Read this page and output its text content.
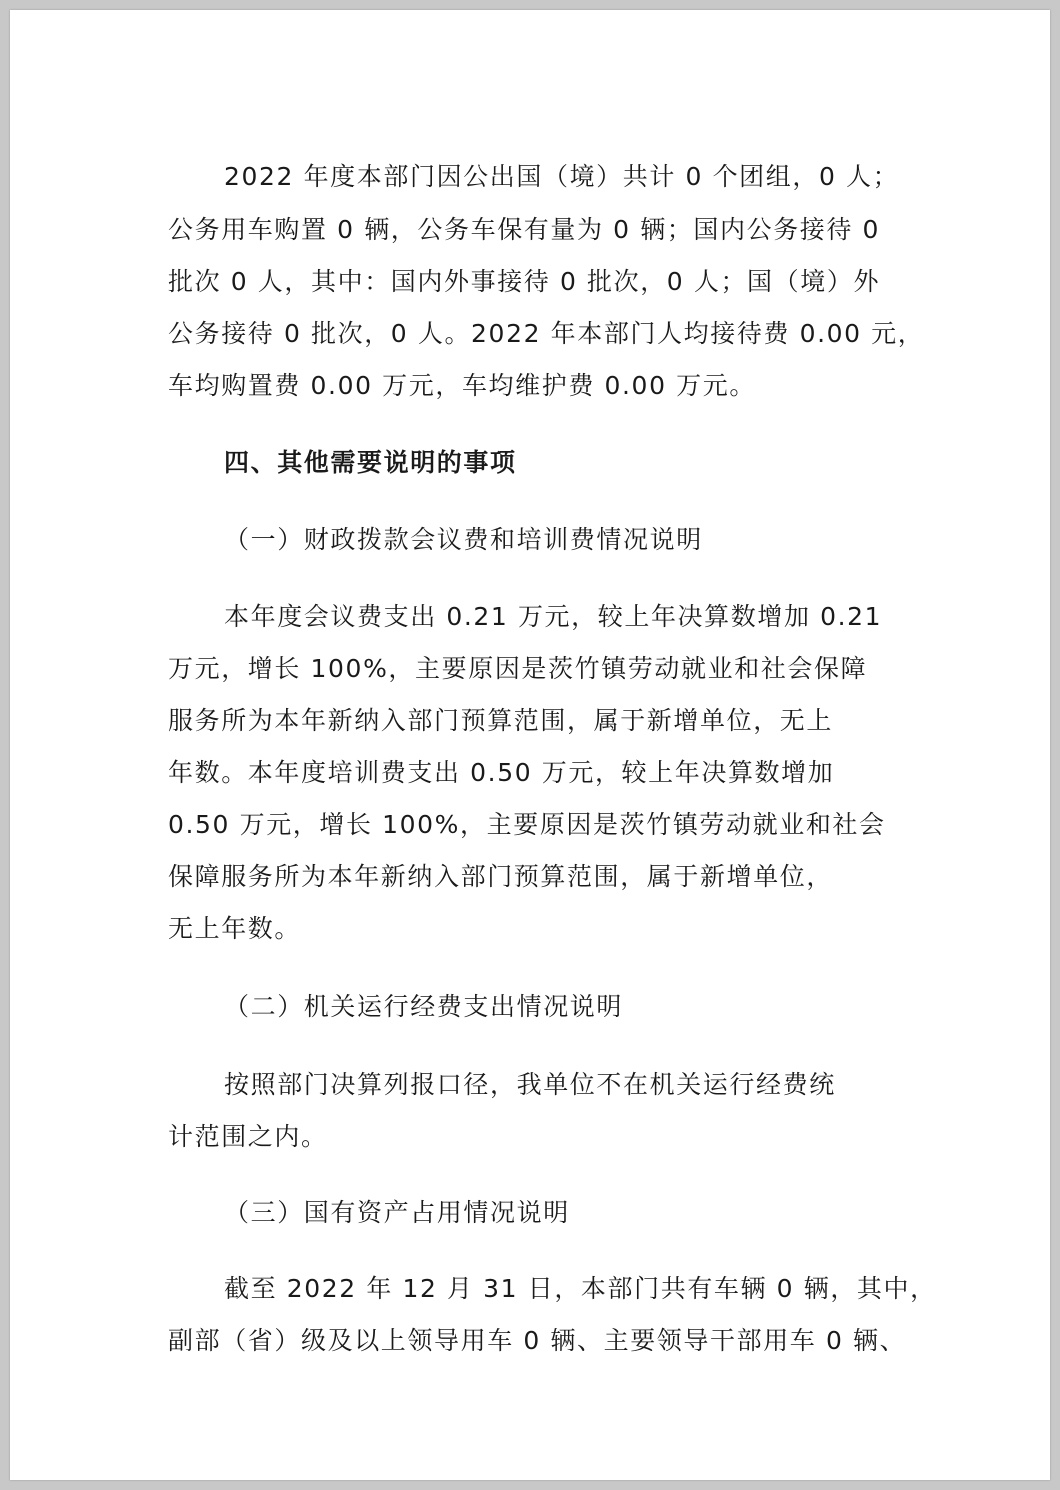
2022 年度本部门因公出国（境）共计 0 个团组，0 人；

公务用车购置 0 辆，公务车保有量为 0 辆；国内公务接待 0

批次 0 人，其中：国内外事接待 0 批次，0 人；国（境）外

公务接待 0 批次，0 人。2022 年本部门人均接待费 0.00 元，

车均购置费 0.00 万元，车均维护费 0.00 万元。

四、其他需要说明的事项

（一）财政拨款会议费和培训费情况说明

本年度会议费支出 0.21 万元，较上年决算数增加 0.21

万元，增长 100%，主要原因是茨竹镇劳动就业和社会保障

服务所为本年新纳入部门预算范围，属于新增单位，无上

年数。本年度培训费支出 0.50 万元，较上年决算数增加

0.50 万元，增长 100%，主要原因是茨竹镇劳动就业和社会

保障服务所为本年新纳入部门预算范围，属于新增单位，

无上年数。

（二）机关运行经费支出情况说明

按照部门决算列报口径，我单位不在机关运行经费统

计范围之内。

（三）国有资产占用情况说明

截至 2022 年 12 月 31 日，本部门共有车辆 0 辆，其中，

副部（省）级及以上领导用车 0 辆、主要领导干部用车 0 辆、
